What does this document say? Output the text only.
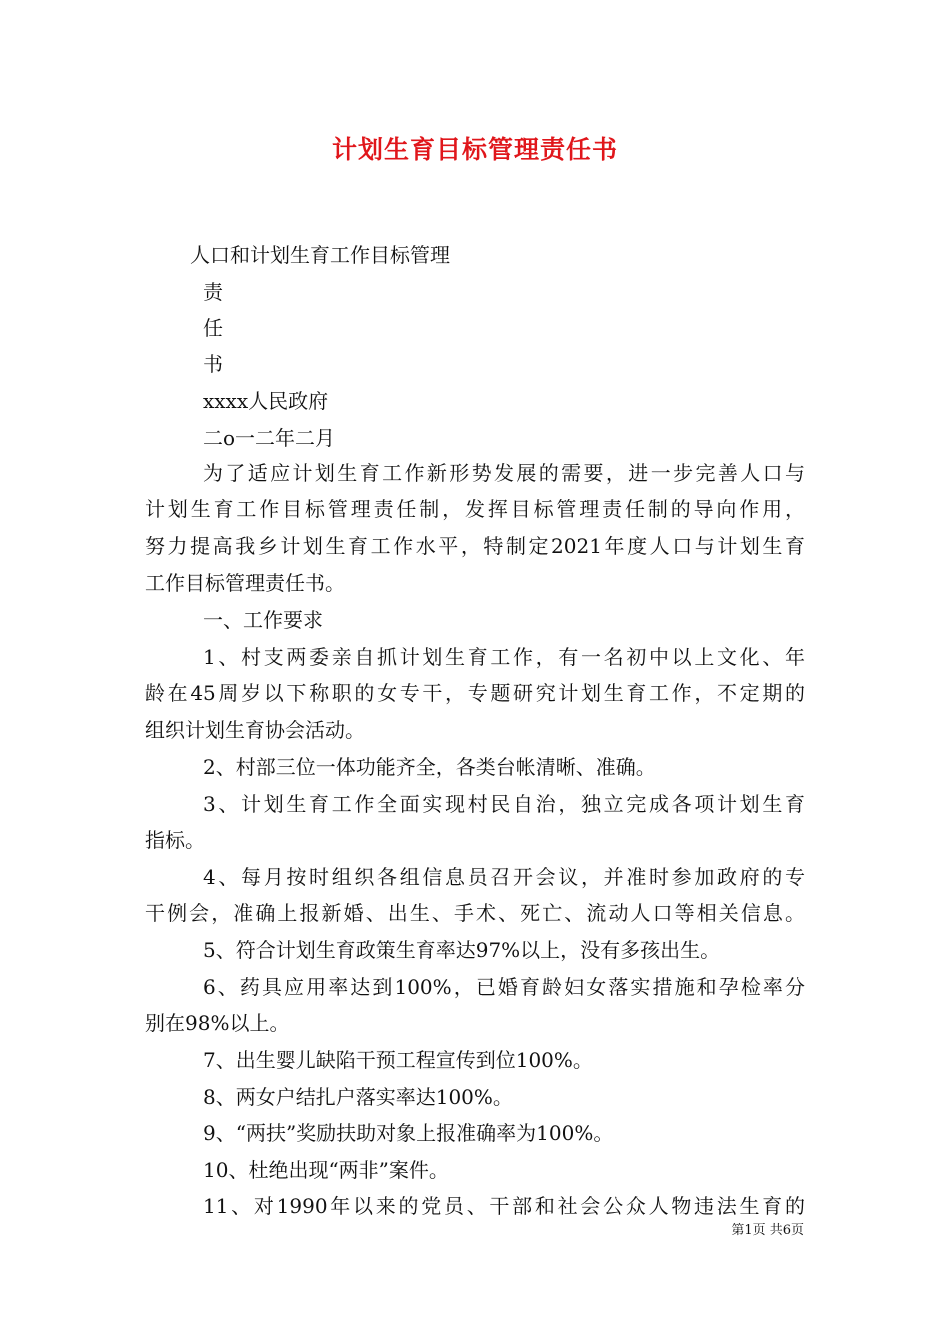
计划生育目标管理责任书
人口和计划生育工作目标管理
责
任
书
xxxx人民政府
二o一二年二月
为了适应计划生育工作新形势发展的需要，进一步完善人口与
计划生育工作目标管理责任制，发挥目标管理责任制的导向作用，
努力提高我乡计划生育工作水平，特制定2021年度人口与计划生育
工作目标管理责任书。
一、工作要求
1、村支两委亲自抓计划生育工作，有一名初中以上文化、年
龄在45周岁以下称职的女专干，专题研究计划生育工作，不定期的
组织计划生育协会活动。
2、村部三位一体功能齐全，各类台帐清晰、准确。
3、计划生育工作全面实现村民自治，独立完成各项计划生育
指标。
4、每月按时组织各组信息员召开会议，并准时参加政府的专
干例会，准确上报新婚、出生、手术、死亡、流动人口等相关信息。
5、符合计划生育政策生育率达97%以上，没有多孩出生。
6、药具应用率达到100%，已婚育龄妇女落实措施和孕检率分
别在98%以上。
7、出生婴儿缺陷干预工程宣传到位100%。
8、两女户结扎户落实率达100%。
9、“两扶”奖励扶助对象上报准确率为100%。
10、杜绝出现“两非”案件。
11、对1990年以来的党员、干部和社会公众人物违法生育的
第1页 共6页
